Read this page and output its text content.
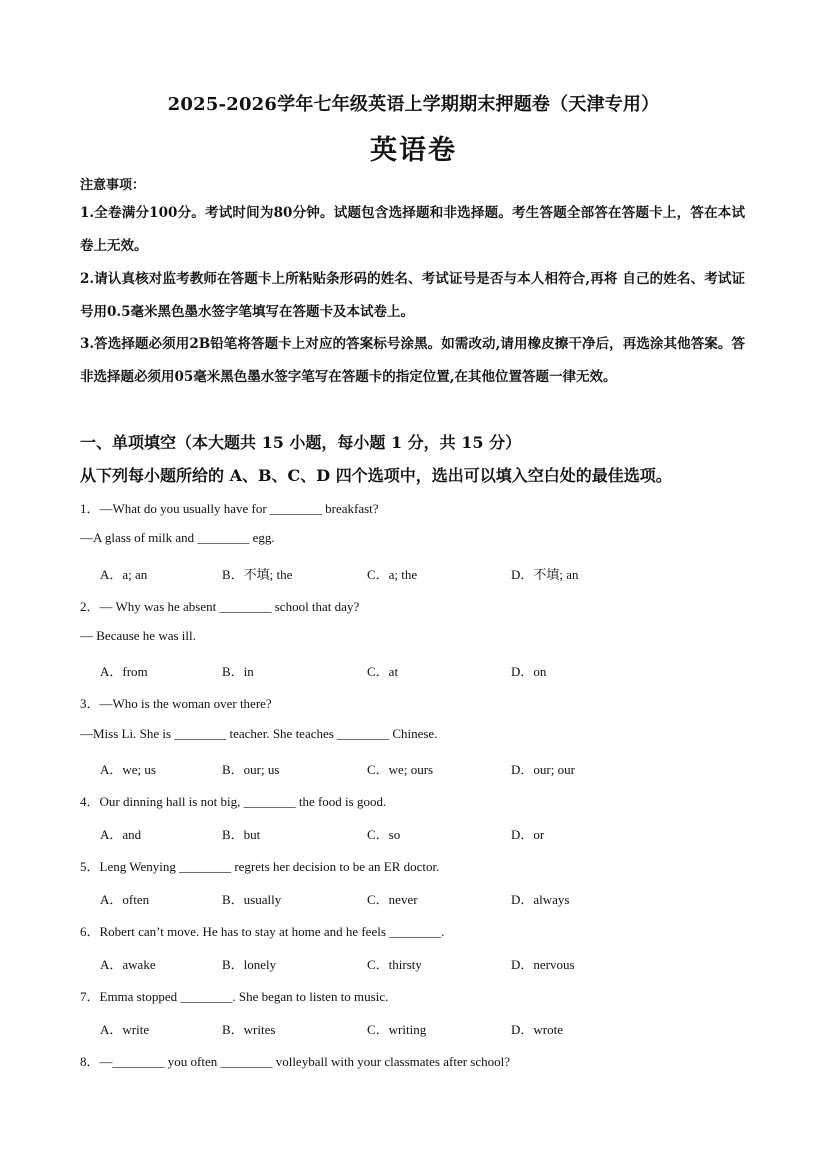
2025-2026学年七年级英语上学期期末押题卷（天津专用）
英语卷
注意事项：
1.全卷满分100分。考试时间为80分钟。试题包含选择题和非选择题。考生答题全部答在答题卡上，答在本试卷上无效。
2.请认真核对监考教师在答题卡上所粘贴条形码的姓名、考试证号是否与本人相符合,再将 自己的姓名、考试证号用0.5毫米黑色墨水签字笔填写在答题卡及本试卷上。
3.答选择题必须用2B铅笔将答题卡上对应的答案标号涂黑。如需改动,请用橡皮擦干净后，再选涂其他答案。答非选择题必须用05毫米黑色墨水签字笔写在答题卡的指定位置,在其他位置答题一律无效。
一、单项填空（本大题共 15 小题，每小题 1 分，共 15 分）
从下列每小题所给的 A、B、C、D 四个选项中，选出可以填入空白处的最佳选项。
1．—What do you usually have for ________ breakfast?
—A glass of milk and ________ egg.
A．a; an	B．不填; the	C．a; the	D．不填; an
2．— Why was he absent ________ school that day?
— Because he was ill.
A．from	B．in	C．at	D．on
3．—Who is the woman over there?
—Miss Li. She is ________ teacher. She teaches ________ Chinese.
A．we; us	B．our; us	C．we; ours	D．our; our
4．Our dinning hall is not big, ________ the food is good.
A．and	B．but	C．so	D．or
5．Leng Wenying ________ regrets her decision to be an ER doctor.
A．often	B．usually	C．never	D．always
6．Robert can’t move. He has to stay at home and he feels ________.
A．awake	B．lonely	C．thirsty	D．nervous
7．Emma stopped ________. She began to listen to music.
A．write	B．writes	C．writing	D．wrote
8．—________ you often ________ volleyball with your classmates after school?
